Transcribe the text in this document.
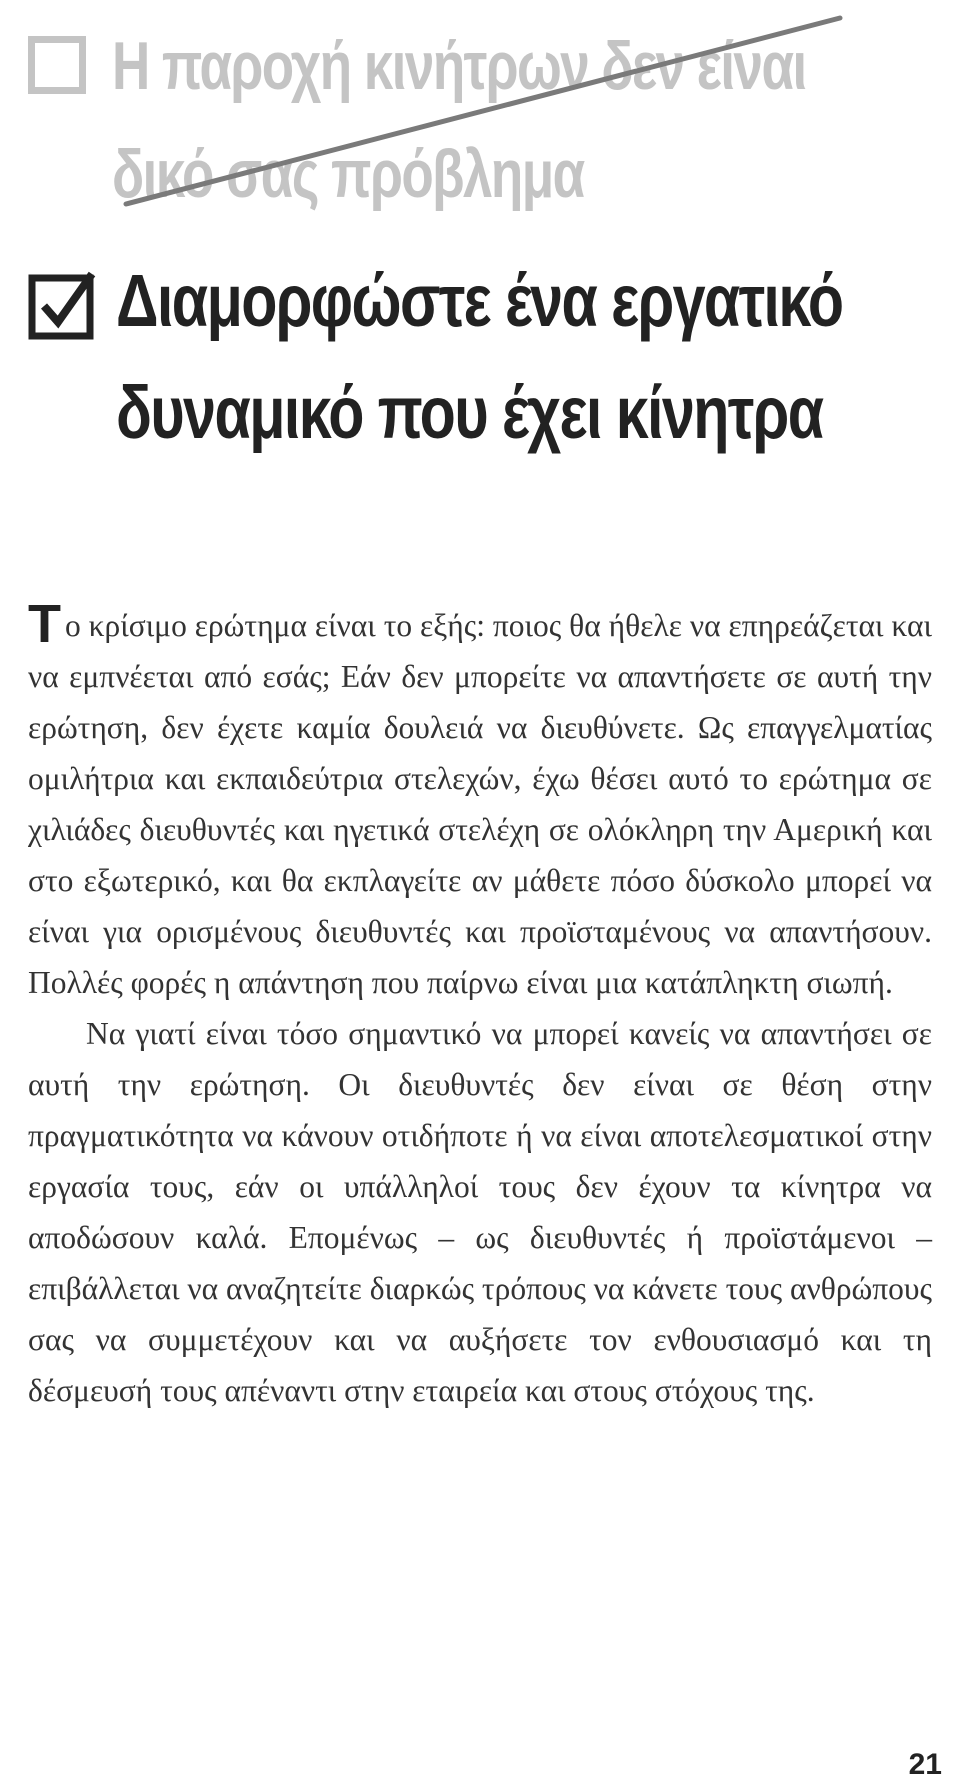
Η παροχή κινήτρων δεν είναι
δικό σας πρόβλημα
Διαμορφώστε ένα εργατικό
δυναμικό που έχει κίνητρα

Το κρίσιμο ερώτημα είναι το εξής: ποιος θα ήθελε να επηρεάζεται και να εμπνέεται από εσάς; Εάν δεν μπορείτε να απαντήσετε σε αυτή την ερώτηση, δεν έχετε καμία δουλειά να διευθύνετε. Ως επαγγελματίας ομιλήτρια και εκπαιδεύτρια στελεχών, έχω θέσει αυτό το ερώτημα σε χιλιάδες διευθυντές και ηγετικά στελέχη σε ολόκληρη την Αμερική και στο εξωτερικό, και θα εκπλαγείτε αν μάθετε πόσο δύσκολο μπορεί να είναι για ορισμένους διευθυντές και προϊσταμένους να απαντήσουν. Πολλές φορές η απάντηση που παίρνω είναι μια κατάπληκτη σιωπή.

Να γιατί είναι τόσο σημαντικό να μπορεί κανείς να απαντήσει σε αυτή την ερώτηση. Οι διευθυντές δεν είναι σε θέση στην πραγματικότητα να κάνουν οτιδήποτε ή να είναι αποτελεσματικοί στην εργασία τους, εάν οι υπάλληλοί τους δεν έχουν τα κίνητρα να αποδώσουν καλά. Επομένως – ως διευθυντές ή προϊστάμενοι – επιβάλλεται να αναζητείτε διαρκώς τρόπους να κάνετε τους ανθρώπους σας να συμμετέχουν και να αυξήσετε τον ενθουσιασμό και τη δέσμευσή τους απέναντι στην εταιρεία και στους στόχους της.

21
